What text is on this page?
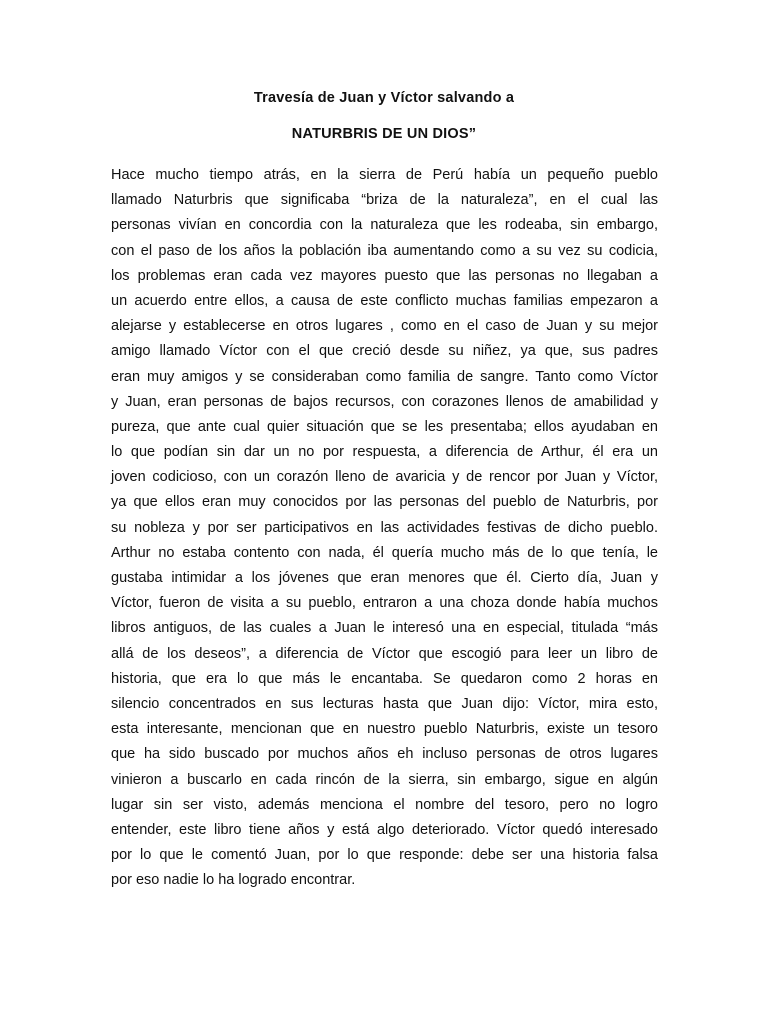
Travesía de Juan y Víctor salvando a
NATURBRIS DE UN DIOS”
Hace mucho tiempo atrás, en la sierra de Perú había un pequeño pueblo
llamado Naturbris que significaba “briza de la naturaleza”, en el cual las
personas vivían en concordia con la naturaleza que les rodeaba, sin embargo,
con el paso de los años la población iba aumentando como a su vez su codicia,
los problemas eran cada vez mayores puesto que las personas no llegaban a
un acuerdo entre ellos, a causa de este conflicto muchas familias empezaron a
alejarse y establecerse en otros lugares , como en el caso de Juan y su mejor
amigo llamado Víctor con el que creció desde su niñez, ya que, sus padres
eran muy amigos y se consideraban como familia de sangre. Tanto como Víctor
y Juan, eran personas de bajos recursos, con corazones llenos de amabilidad y
pureza, que ante cual quier situación que se les presentaba; ellos ayudaban en
lo que podían sin dar un no por respuesta, a diferencia de Arthur, él era un
joven codicioso, con un corazón lleno de avaricia y de rencor por Juan y Víctor,
ya que ellos eran muy conocidos por las personas del pueblo de Naturbris, por
su nobleza y por ser participativos en las actividades festivas de dicho pueblo.
Arthur no estaba contento con nada, él quería mucho más de lo que tenía, le
gustaba intimidar a los jóvenes que eran menores que él. Cierto día, Juan y
Víctor, fueron de visita a su pueblo, entraron a una choza donde había muchos
libros antiguos, de las cuales a Juan le interesó una en especial, titulada “más
allá de los deseos”, a diferencia de Víctor que escogió para leer un libro de
historia, que era lo que más le encantaba. Se quedaron como 2 horas en
silencio concentrados en sus lecturas hasta que Juan dijo: Víctor, mira esto,
esta interesante, mencionan que en nuestro pueblo Naturbris, existe un tesoro
que ha sido buscado por muchos años eh incluso personas de otros lugares
vinieron a buscarlo en cada rincón de la sierra, sin embargo, sigue en algún
lugar sin ser visto, además menciona el nombre del tesoro, pero no logro
entender, este libro tiene años y está algo deteriorado. Víctor quedó interesado
por lo que le comentó Juan, por lo que responde: debe ser una historia falsa
por eso nadie lo ha logrado encontrar.
